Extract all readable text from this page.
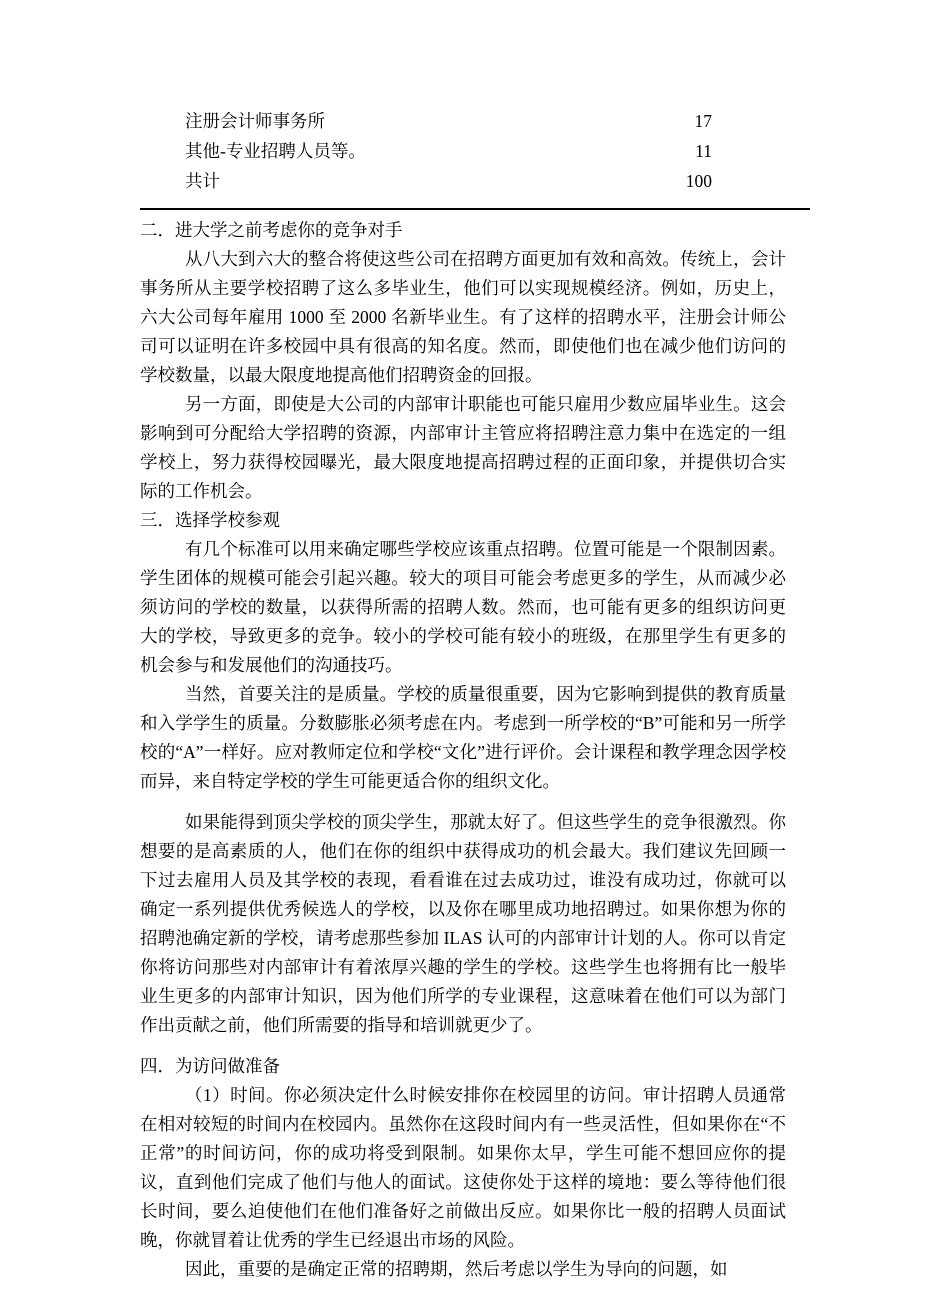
注册会计师事务所	17
其他-专业招聘人员等。	11
共计	100
二．进大学之前考虑你的竞争对手

从八大到六大的整合将使这些公司在招聘方面更加有效和高效。传统上，会计事务所从主要学校招聘了这么多毕业生，他们可以实现规模经济。例如，历史上，六大公司每年雇用 1000 至 2000 名新毕业生。有了这样的招聘水平，注册会计师公司可以证明在许多校园中具有很高的知名度。然而，即使他们也在减少他们访问的学校数量，以最大限度地提高他们招聘资金的回报。

另一方面，即使是大公司的内部审计职能也可能只雇用少数应届毕业生。这会影响到可分配给大学招聘的资源，内部审计主管应将招聘注意力集中在选定的一组学校上，努力获得校园曝光，最大限度地提高招聘过程的正面印象，并提供切合实际的工作机会。

三．选择学校参观

有几个标准可以用来确定哪些学校应该重点招聘。位置可能是一个限制因素。学生团体的规模可能会引起兴趣。较大的项目可能会考虑更多的学生，从而减少必须访问的学校的数量，以获得所需的招聘人数。然而，也可能有更多的组织访问更大的学校，导致更多的竞争。较小的学校可能有较小的班级，在那里学生有更多的机会参与和发展他们的沟通技巧。

当然，首要关注的是质量。学校的质量很重要，因为它影响到提供的教育质量和入学学生的质量。分数膨胀必须考虑在内。考虑到一所学校的“B”可能和另一所学校的“A”一样好。应对教师定位和学校“文化”进行评价。会计课程和教学理念因学校而异，来自特定学校的学生可能更适合你的组织文化。

如果能得到顶尖学校的顶尖学生，那就太好了。但这些学生的竞争很激烈。你想要的是高素质的人，他们在你的组织中获得成功的机会最大。我们建议先回顾一下过去雇用人员及其学校的表现，看看谁在过去成功过，谁没有成功过，你就可以确定一系列提供优秀候选人的学校，以及你在哪里成功地招聘过。如果你想为你的招聘池确定新的学校，请考虑那些参加 ILAS 认可的内部审计计划的人。你可以肯定你将访问那些对内部审计有着浓厚兴趣的学生的学校。这些学生也将拥有比一般毕业生更多的内部审计知识，因为他们所学的专业课程，这意味着在他们可以为部门作出贡献之前，他们所需要的指导和培训就更少了。

四．为访问做准备

（1）时间。你必须决定什么时候安排你在校园里的访问。审计招聘人员通常在相对较短的时间内在校园内。虽然你在这段时间内有一些灵活性，但如果你在“不正常”的时间访问，你的成功将受到限制。如果你太早，学生可能不想回应你的提议，直到他们完成了他们与他人的面试。这使你处于这样的境地：要么等待他们很长时间，要么迫使他们在他们准备好之前做出反应。如果你比一般的招聘人员面试晚，你就冒着让优秀的学生已经退出市场的风险。

因此，重要的是确定正常的招聘期，然后考虑以学生为导向的问题，如
